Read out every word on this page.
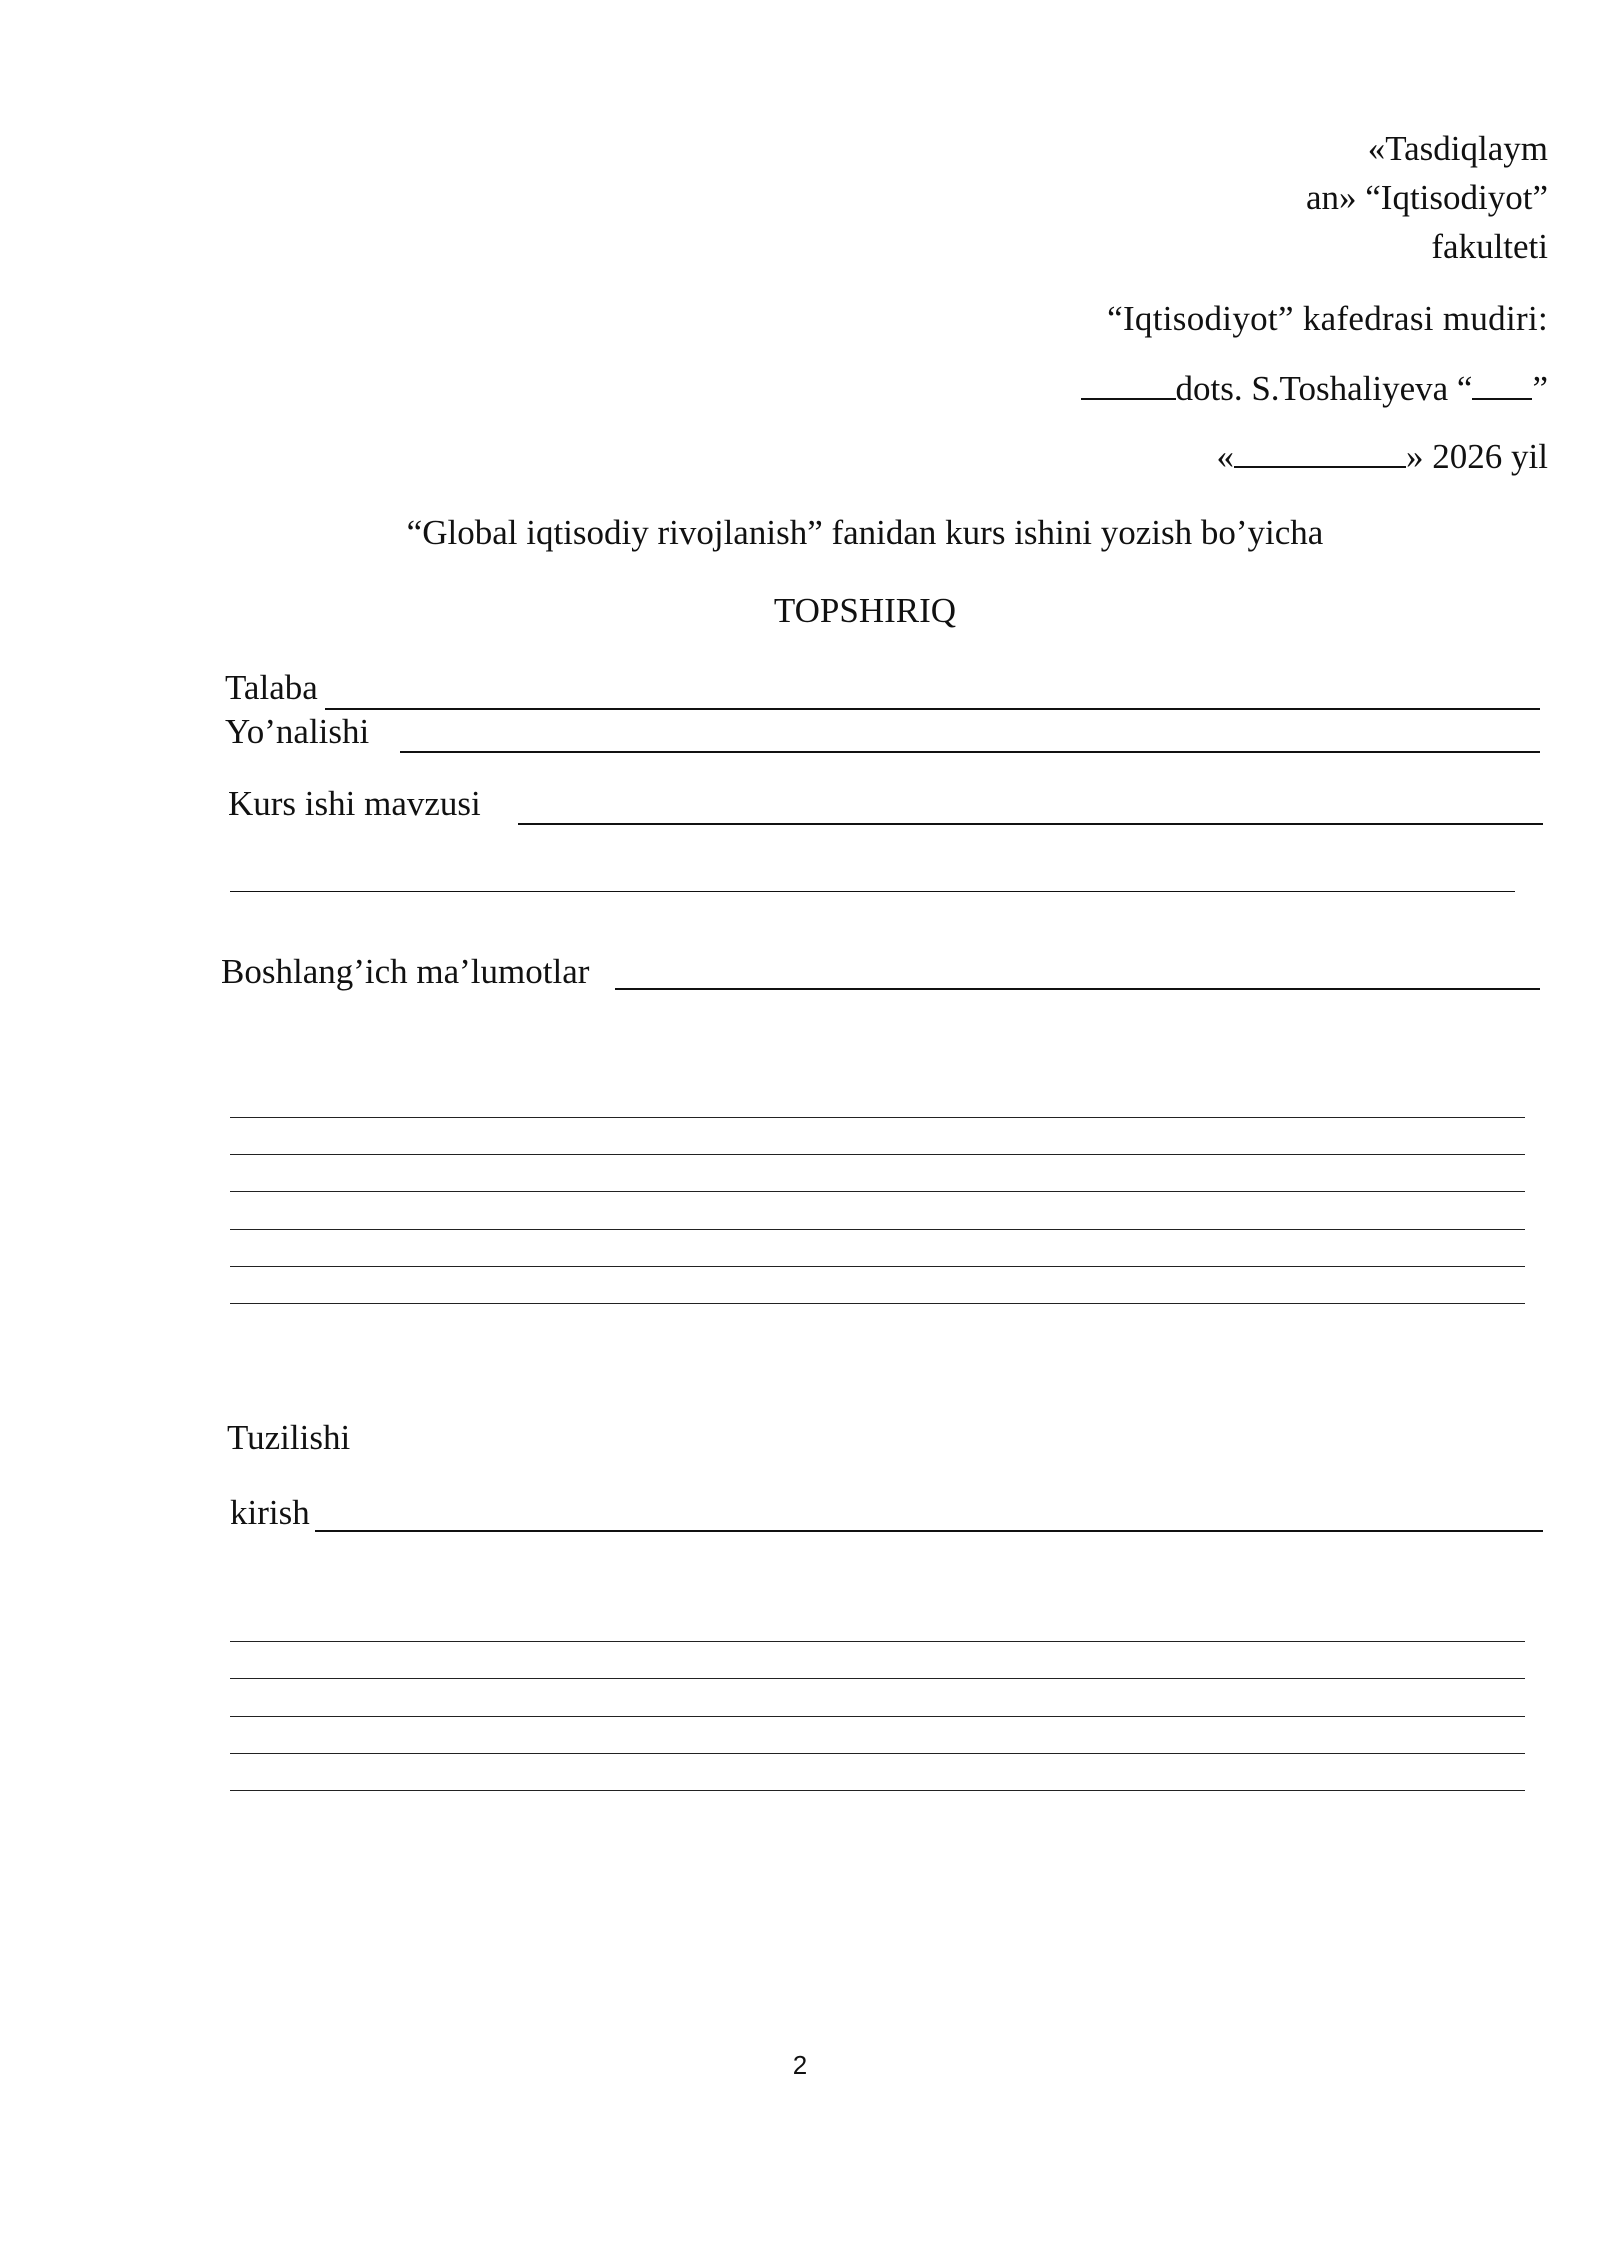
«Tasdiqlaym
an» “Iqtisodiyot”
fakulteti
“Iqtisodiyot” kafedrasi mudiri:
dots. S.Toshaliyeva “ ”
«	» 2026 yil
“Global iqtisodiy rivojlanish” fanidan kurs ishini yozish bo’yicha
TOPSHIRIQ
Talaba
Yo’nalishi
Kurs ishi mavzusi
Boshlang’ich ma’lumotlar
Tuzilishi
kirish
2
